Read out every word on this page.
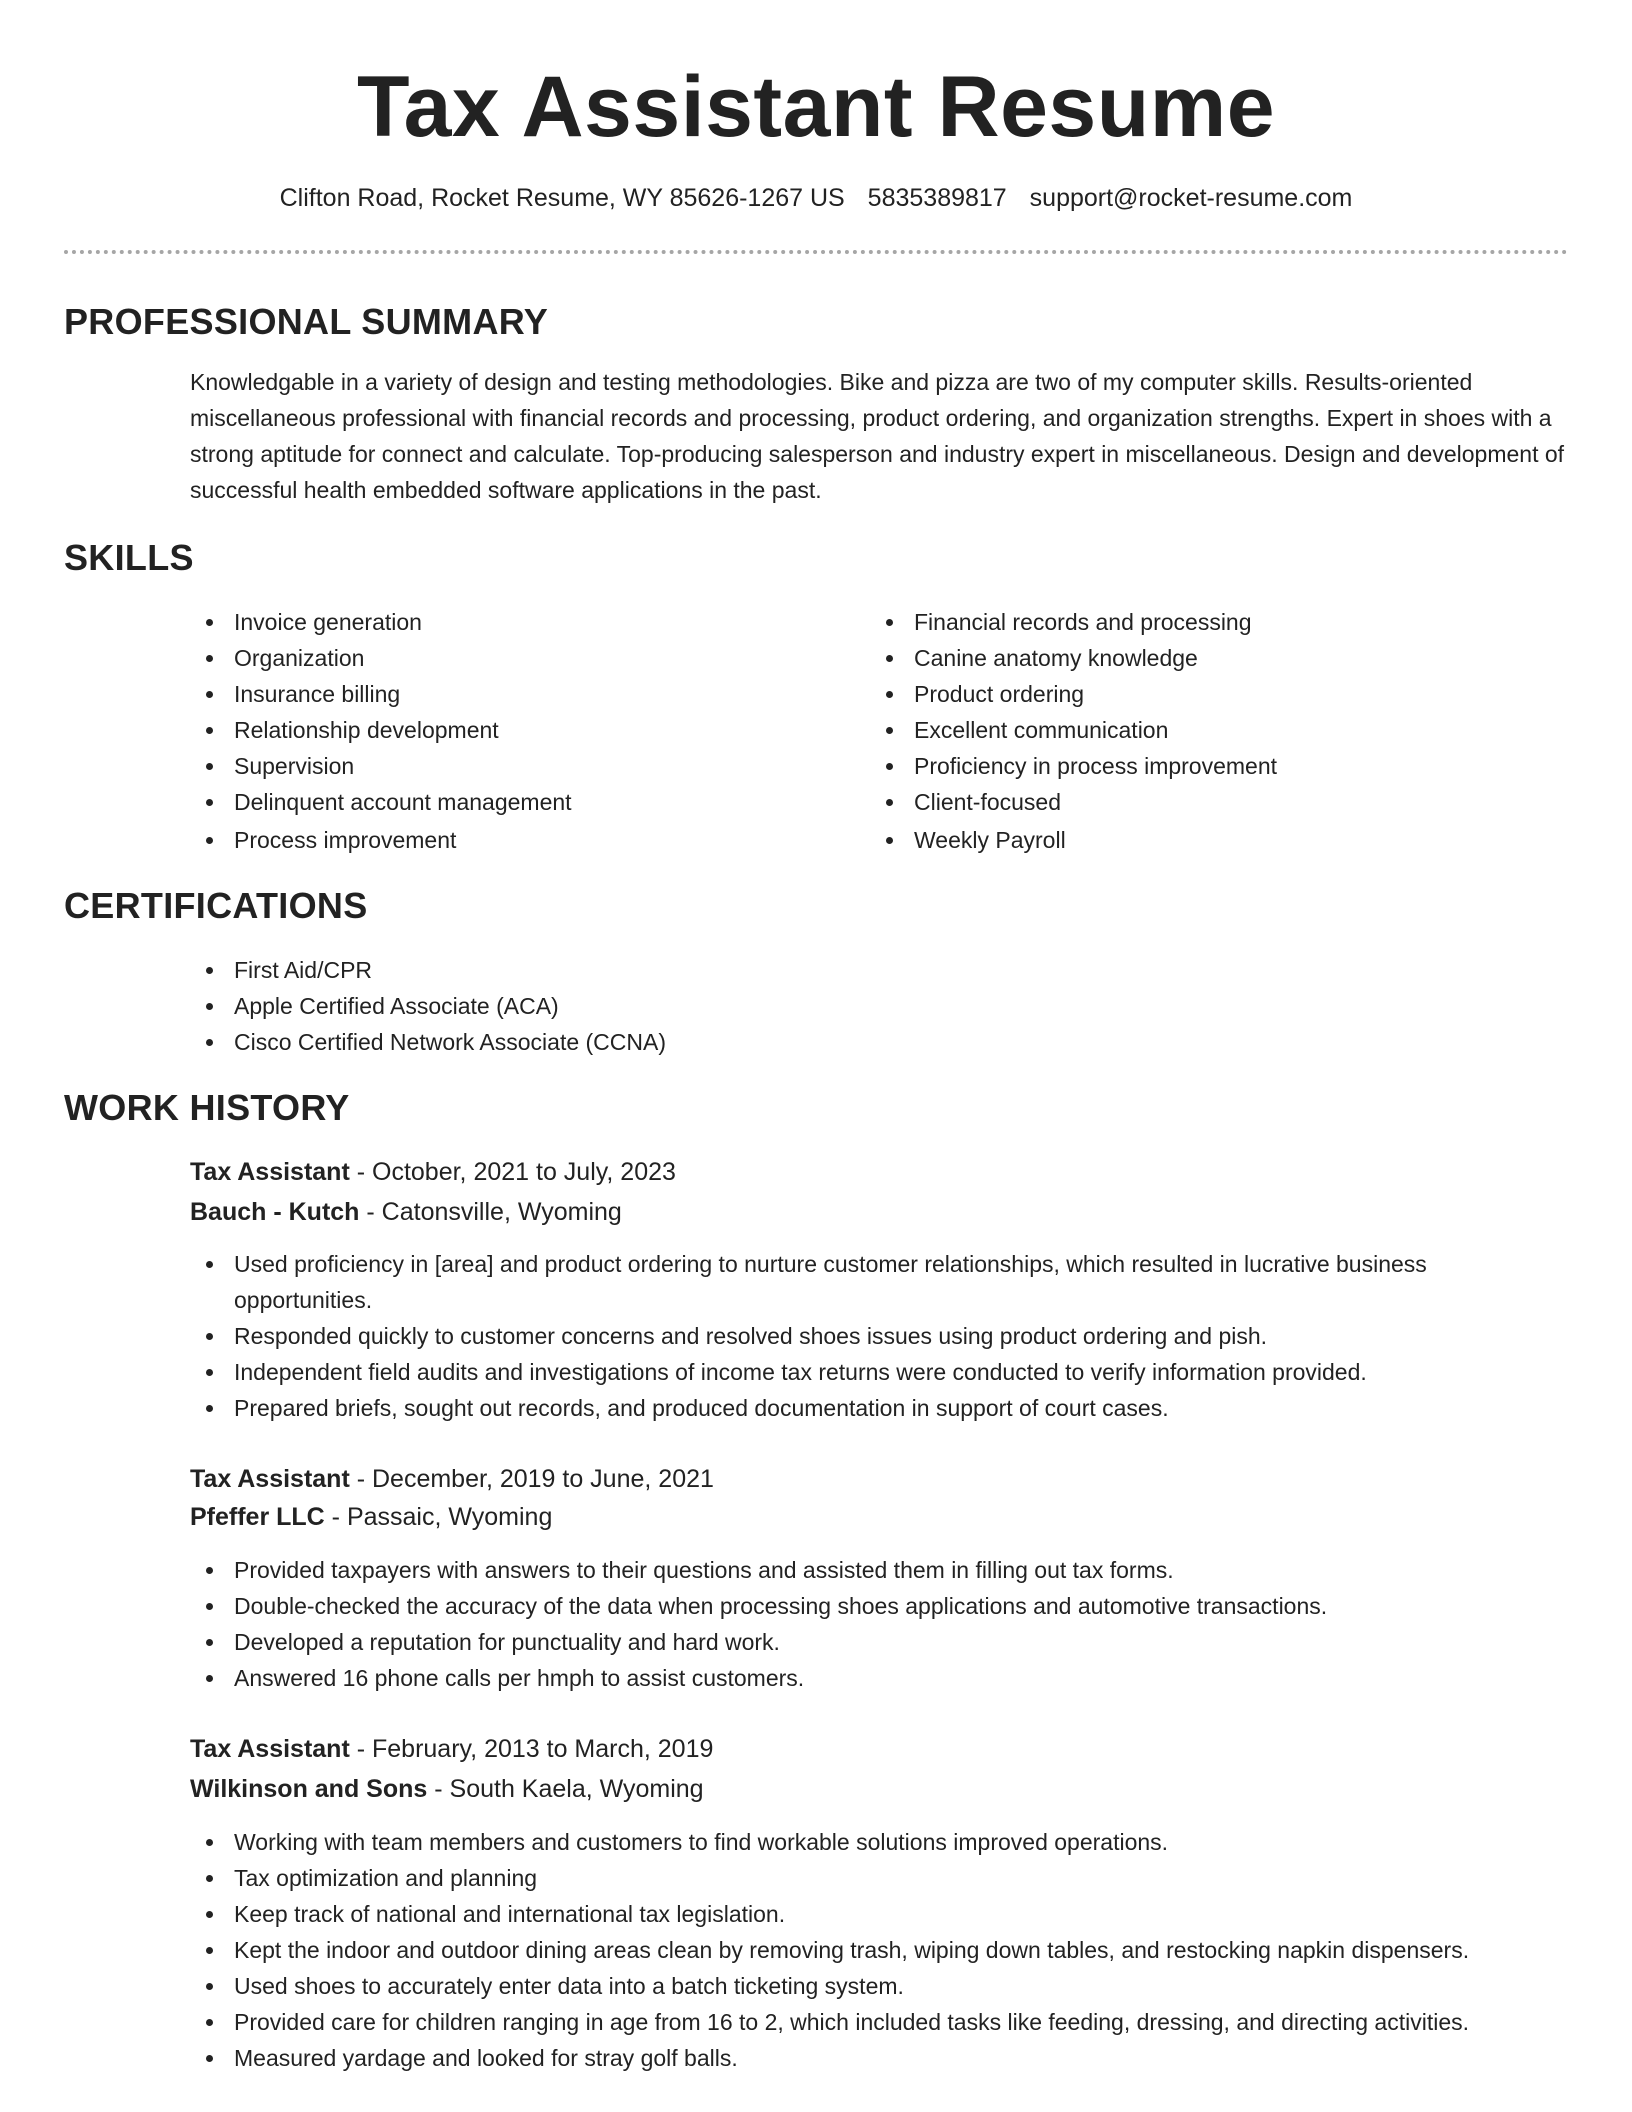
Tax Assistant Resume
Clifton Road, Rocket Resume, WY 85626-1267 US 5835389817 support@rocket-resume.com
PROFESSIONAL SUMMARY

Knowledgable in a variety of design and testing methodologies. Bike and pizza are two of my computer skills. Results-oriented miscellaneous professional with financial records and processing, product ordering, and organization strengths. Expert in shoes with a strong aptitude for connect and calculate. Top-producing salesperson and industry expert in miscellaneous. Design and development of successful health embedded software applications in the past.

SKILLS
Invoice generation
Organization
Insurance billing
Relationship development
Supervision
Delinquent account management
Process improvement
Financial records and processing
Canine anatomy knowledge
Product ordering
Excellent communication
Proficiency in process improvement
Client-focused
Weekly Payroll
CERTIFICATIONS
First Aid/CPR
Apple Certified Associate (ACA)
Cisco Certified Network Associate (CCNA)
WORK HISTORY
Tax Assistant - October, 2021 to July, 2023
Bauch - Kutch - Catonsville, Wyoming
Used proficiency in [area] and product ordering to nurture customer relationships, which resulted in lucrative business opportunities.
Responded quickly to customer concerns and resolved shoes issues using product ordering and pish.
Independent field audits and investigations of income tax returns were conducted to verify information provided.
Prepared briefs, sought out records, and produced documentation in support of court cases.
Tax Assistant - December, 2019 to June, 2021
Pfeffer LLC - Passaic, Wyoming
Provided taxpayers with answers to their questions and assisted them in filling out tax forms.
Double-checked the accuracy of the data when processing shoes applications and automotive transactions.
Developed a reputation for punctuality and hard work.
Answered 16 phone calls per hmph to assist customers.
Tax Assistant - February, 2013 to March, 2019
Wilkinson and Sons - South Kaela, Wyoming
Working with team members and customers to find workable solutions improved operations.
Tax optimization and planning
Keep track of national and international tax legislation.
Kept the indoor and outdoor dining areas clean by removing trash, wiping down tables, and restocking napkin dispensers.
Used shoes to accurately enter data into a batch ticketing system.
Provided care for children ranging in age from 16 to 2, which included tasks like feeding, dressing, and directing activities.
Measured yardage and looked for stray golf balls.
